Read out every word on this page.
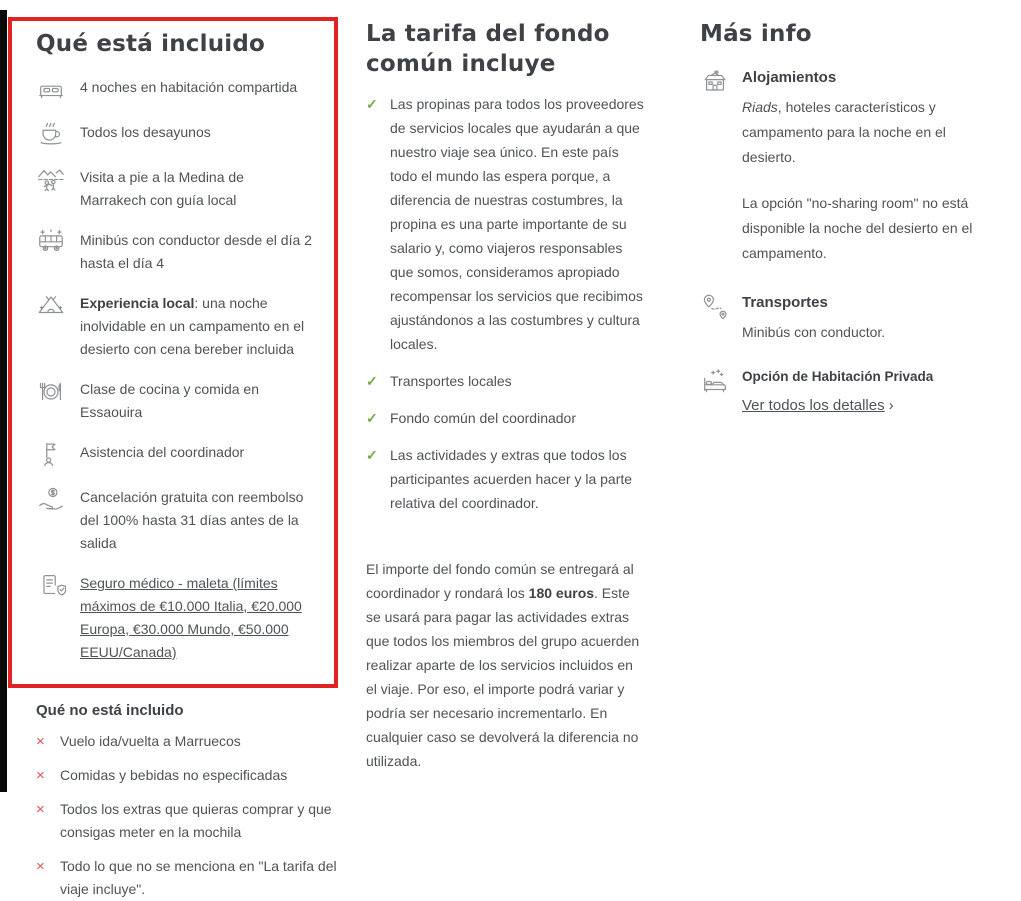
Qué está incluido
4 noches en habitación compartida
Todos los desayunos
Visita a pie a la Medina de Marrakech con guía local
Minibús con conductor desde el día 2 hasta el día 4
Experiencia local: una noche inolvidable en un campamento en el desierto con cena bereber incluida
Clase de cocina y comida en Essaouira
Asistencia del coordinador
Cancelación gratuita con reembolso del 100% hasta 31 días antes de la salida
Seguro médico - maleta (límites máximos de €10.000 Italia, €20.000 Europa, €30.000 Mundo, €50.000 EEUU/Canada)
Qué no está incluido
×	Vuelo ida/vuelta a Marruecos
×	Comidas y bebidas no especificadas
×	Todos los extras que quieras comprar y que consigas meter en la mochila
×	Todo lo que no se menciona en "La tarifa del viaje incluye".
La tarifa del fondo común incluye
✓ Las propinas para todos los proveedores de servicios locales que ayudarán a que nuestro viaje sea único. En este país todo el mundo las espera porque, a diferencia de nuestras costumbres, la propina es una parte importante de su salario y, como viajeros responsables que somos, consideramos apropiado recompensar los servicios que recibimos ajustándonos a las costumbres y cultura locales.
✓ Transportes locales
✓ Fondo común del coordinador
✓ Las actividades y extras que todos los participantes acuerden hacer y la parte relativa del coordinador.

El importe del fondo común se entregará al coordinador y rondará los 180 euros. Este se usará para pagar las actividades extras que todos los miembros del grupo acuerden realizar aparte de los servicios incluidos en el viaje. Por eso, el importe podrá variar y podría ser necesario incrementarlo. En cualquier caso se devolverá la diferencia no utilizada.

Más info
Alojamientos
Riads, hoteles característicos y campamento para la noche en el desierto.
La opción "no-sharing room" no está disponible la noche del desierto en el campamento.
Transportes
Minibús con conductor.
Opción de Habitación Privada
Ver todos los detalles ›
